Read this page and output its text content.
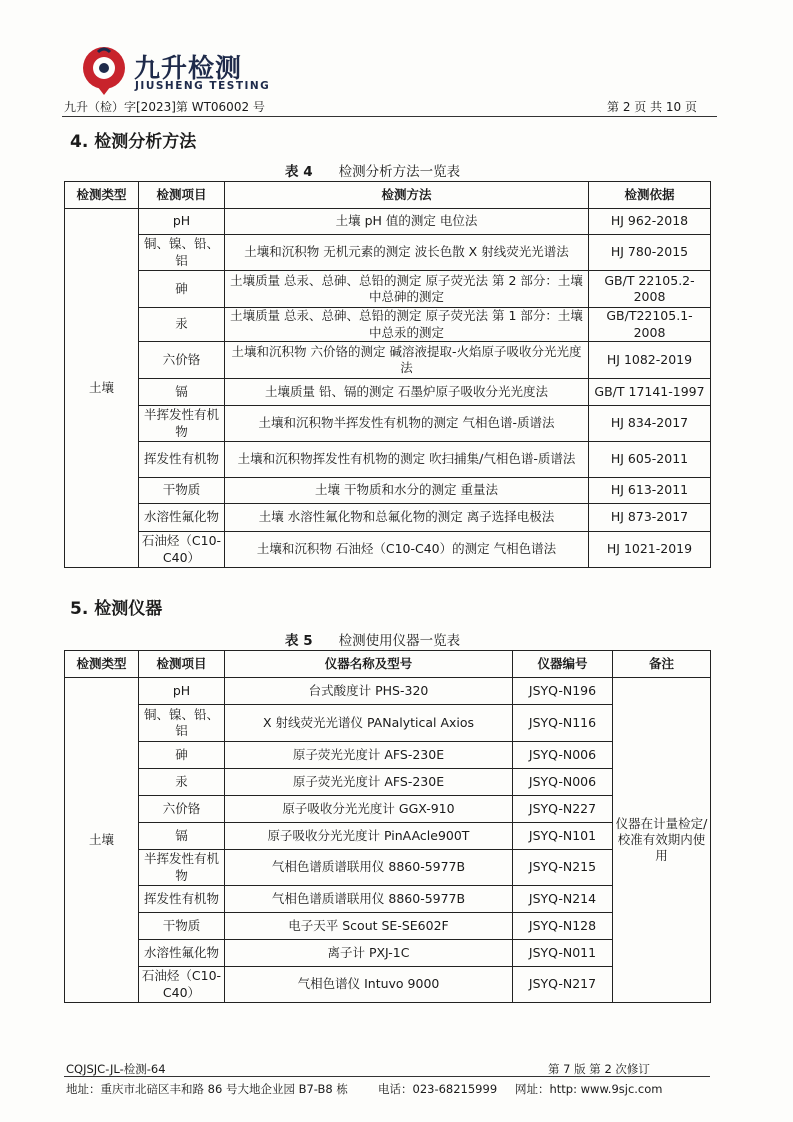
九升检测
JIUSHENG TESTING
九升（检）字[2023]第 WT06002 号	第 2 页 共 10 页
4. 检测分析方法
表 4 检测分析方法一览表
检测类型	检测项目	检测方法	检测依据
土壤	pH	土壤 pH 值的测定 电位法	HJ 962-2018
	铜、镍、铅、铝	土壤和沉积物 无机元素的测定 波长色散 X 射线荧光光谱法	HJ 780-2015
	砷	土壤质量 总汞、总砷、总铅的测定 原子荧光法 第 2 部分：土壤中总砷的测定	GB/T 22105.2-2008
	汞	土壤质量 总汞、总砷、总铅的测定 原子荧光法 第 1 部分：土壤中总汞的测定	GB/T22105.1-2008
	六价铬	土壤和沉积物 六价铬的测定 碱溶液提取-火焰原子吸收分光光度法	HJ 1082-2019
	镉	土壤质量 铅、镉的测定 石墨炉原子吸收分光光度法	GB/T 17141-1997
	半挥发性有机物	土壤和沉积物半挥发性有机物的测定 气相色谱-质谱法	HJ 834-2017
	挥发性有机物	土壤和沉积物挥发性有机物的测定 吹扫捕集/气相色谱-质谱法	HJ 605-2011
	干物质	土壤 干物质和水分的测定 重量法	HJ 613-2011
	水溶性氟化物	土壤 水溶性氟化物和总氟化物的测定 离子选择电极法	HJ 873-2017
	石油烃（C10-C40）	土壤和沉积物 石油烃（C10-C40）的测定 气相色谱法	HJ 1021-2019
5. 检测仪器
表 5 检测使用仪器一览表
检测类型	检测项目	仪器名称及型号	仪器编号	备注
土壤	pH	台式酸度计 PHS-320	JSYQ-N196	仪器在计量检定/校准有效期内使用
	铜、镍、铅、铝	X 射线荧光光谱仪 PANalytical Axios	JSYQ-N116	
	砷	原子荧光光度计 AFS-230E	JSYQ-N006	
	汞	原子荧光光度计 AFS-230E	JSYQ-N006	
	六价铬	原子吸收分光光度计 GGX-910	JSYQ-N227	
	镉	原子吸收分光光度计 PinAAcle900T	JSYQ-N101	
	半挥发性有机物	气相色谱质谱联用仪 8860-5977B	JSYQ-N215	
	挥发性有机物	气相色谱质谱联用仪 8860-5977B	JSYQ-N214	
	干物质	电子天平 Scout SE-SE602F	JSYQ-N128	
	水溶性氟化物	离子计 PXJ-1C	JSYQ-N011	
	石油烃（C10-C40）	气相色谱仪 Intuvo 9000	JSYQ-N217	
CQJSJC-JL-检测-64	第 7 版 第 2 次修订
地址：重庆市北碚区丰和路 86 号大地企业园 B7-B8 栋	电话：023-68215999 网址：http: www.9sjc.com
